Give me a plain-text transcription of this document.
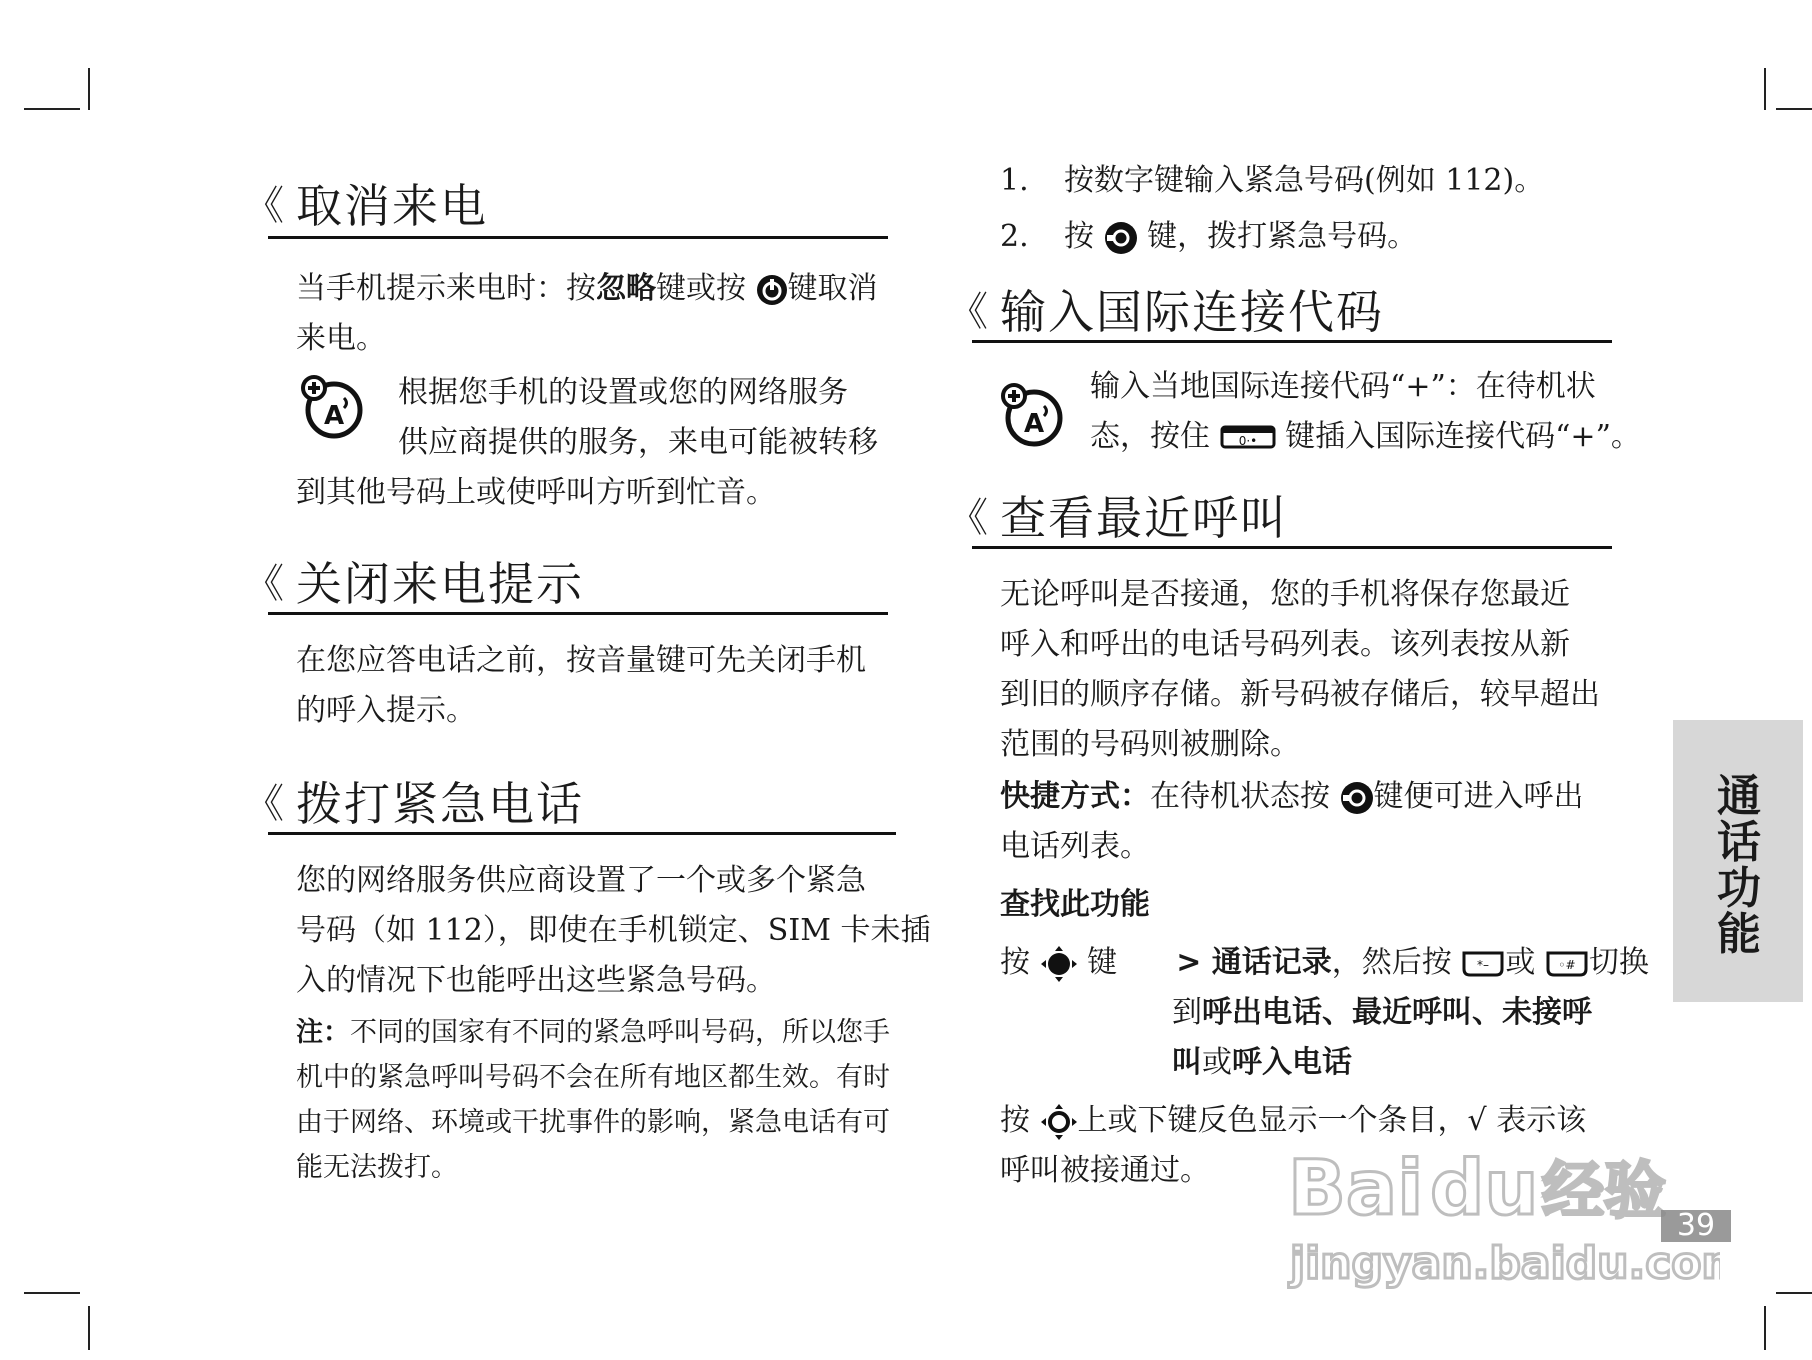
《 取消来电
当手机提示来电时：按忽略键或按 键取消
来电。
A
根据您手机的设置或您的网络服务
供应商提供的服务，来电可能被转移
到其他号码上或使呼叫方听到忙音。
《 关闭来电提示
在您应答电话之前，按音量键可先关闭手机
的呼入提示。
《 拨打紧急电话
您的网络服务供应商设置了一个或多个紧急
号码（如 112），即使在手机锁定、SIM 卡未插
入的情况下也能呼出这些紧急号码。
注：不同的国家有不同的紧急呼叫号码，所以您手
机中的紧急呼叫号码不会在所有地区都生效。有时
由于网络、环境或干扰事件的影响，紧急电话有可
能无法拨打。
1. 按数字键输入紧急号码(例如 112)。
2. 按 键，拨打紧急号码。
《 输入国际连接代码
A
输入当地国际连接代码“+”：在待机状
态，按住 0·• 键插入国际连接代码“+”。
《 查看最近呼叫
无论呼叫是否接通，您的手机将保存您最近
呼入和呼出的电话号码列表。该列表按从新
到旧的顺序存储。新号码被存储后，较早超出
范围的号码则被删除。
快捷方式：在待机状态按 键便可进入呼出
电话列表。
查找此功能
按 键 > 通话记录，然后按 *– 或 ◦# 切换
到呼出电话、最近呼叫、未接呼
叫或呼入电话
按 上或下键反色显示一个条目，√ 表示该
呼叫被接通过。
通
话
功
能
39
Bai du 经验
jingyan.baidu.com
